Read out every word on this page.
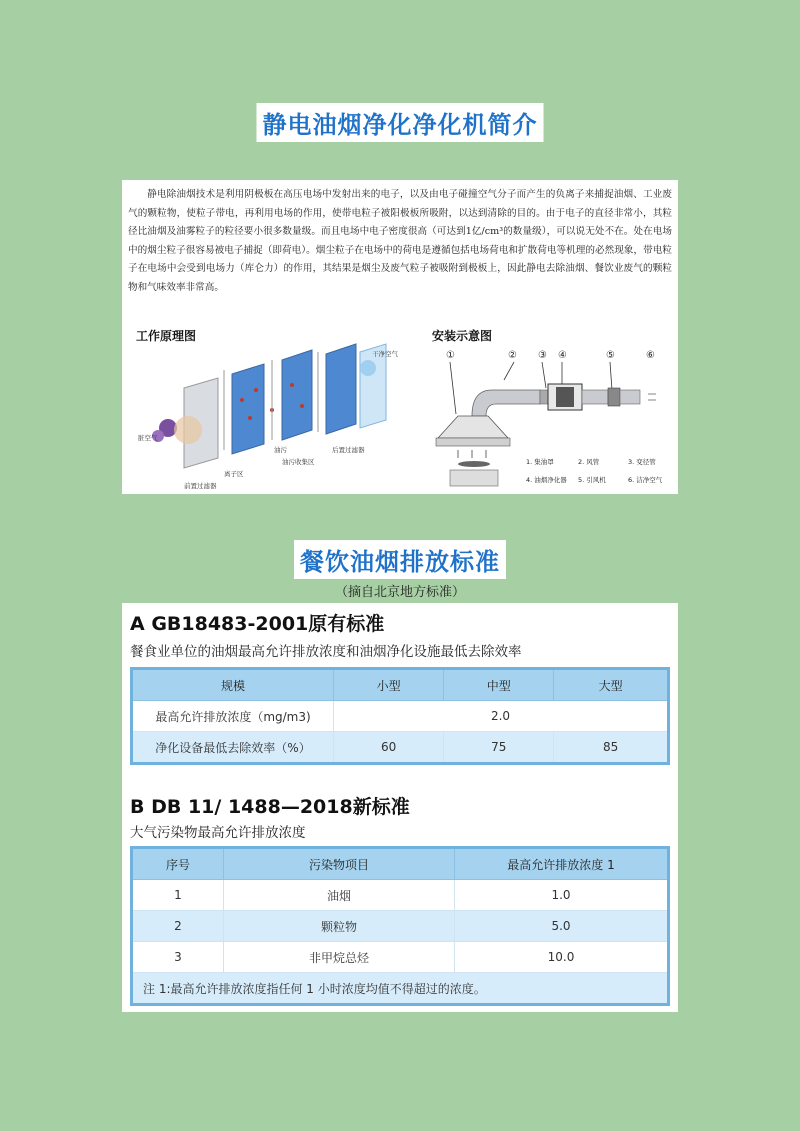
静电油烟净化净化机简介

静电除油烟技术是利用阴极板在高压电场中发射出来的电子，以及由电子碰撞空气分子而产生的负离子来捕捉油烟、工业废气的颗粒物，使粒子带电，再利用电场的作用，使带电粒子被阳极板所吸附，以达到清除的目的。由于电子的直径非常小，其粒径比油烟及油雾粒子的粒径要小很多数量级。而且电场中电子密度很高（可达到1亿/cm³的数量级），可以说无处不在。处在电场中的烟尘粒子很容易被电子捕捉（即荷电）。烟尘粒子在电场中的荷电是遵循包括电场荷电和扩散荷电等机理的必然现象，带电粒子在电场中会受到电场力（库仑力）的作用，其结果是烟尘及废气粒子被吸附到极板上，因此静电去除油烟、餐饮业废气的颗粒物和气味效率非常高。

工作原理图
干净空气
脏空气
油污	后置过滤器
油污收集区
离子区
前置过滤器
安装示意图
①	② ③ ④	⑤	⑥
1. 集油罩	2. 风管	3. 变径管
4. 油烟净化器 5. 引风机	6. 洁净空气
餐饮油烟排放标准
（摘自北京地方标准）
A GB18483-2001原有标准
餐食业单位的油烟最高允许排放浓度和油烟净化设施最低去除效率
规模	小型	中型	大型
最高允许排放浓度（mg/m3)	2.0		
净化设备最低去除效率（%）	60	75	85
B DB 11/ 1488—2018新标准
大气污染物最高允许排放浓度
序号	污染物项目	最高允许排放浓度 1
1	油烟	1.0
2	颗粒物	5.0
3	非甲烷总烃	10.0
注 1:最高允许排放浓度指任何 1 小时浓度均值不得超过的浓度。		
